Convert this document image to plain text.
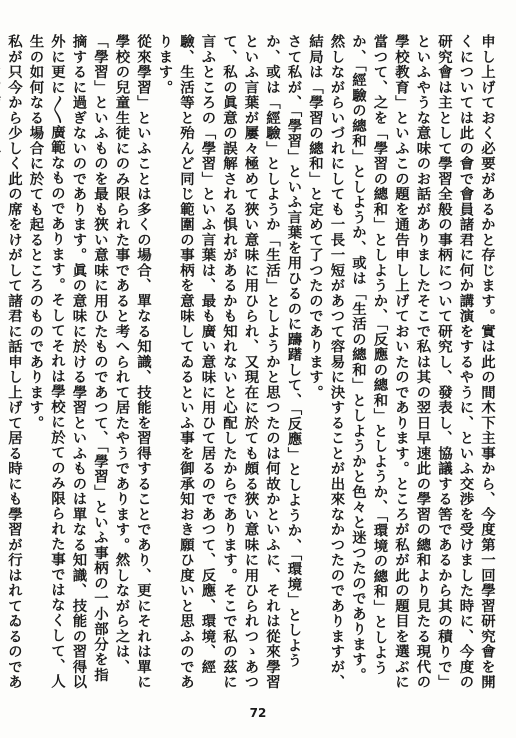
申し上げておく必要があるかと存じます。實は此の間木下主事から、今度第一回學習研究會を開くについては此の會で會員諸君に何か講演をするやうに、といふ交渉を受けました時に、今度の研究會は主として學習全般の事柄について研究し、發表し、協議する筈であるから其の積りで」といふやうな意味のお話がありましたそこで私は其の翌日早速此の學習の總和より見たる現代の學校教育」といふこの題を通告申し上げておいたのであります。ところが私が此の題目を選ぶに當つて、之を「學習の總和」としようか、「反應の總和」としようか、「環境の總和」としようか、「經驗の總和」としようか、或は「生活の總和」としようかと色々と迷つたのであります。然しながらいづれにしても一長一短があつて容易に決することが出來なかつたのでありますが、結局は「學習の總和」と定めて了つたのであります。

さて私が、「學習」といふ言葉を用ひるのに躊躇して、「反應」としようか、「環境」としようか、或は「經驗」としようか「生活」としようかと思つたのは何故かといふに、それは從來學習といふ言葉が屢々極めて狹い意味に用ひられ、又現在に於ても頗る狹い意味に用ひられつゝあつて、私の眞意の誤解される惧れがあるかも知れないと心配したからであります。そこで私の茲に言ふところの「學習」といふ言葉は、最も廣い意味に用ひて居るのであつて、反應、環境、經驗、生活等と殆んど同じ範圍の事柄を意味してゐるといふ事を御承知おき願ひ度いと思ふのであります。

從來學習」といふことは多くの場合、單なる知識、技能を習得することであり、更にそれは單に學校の兒童生徒にのみ限られた事であると考へられて居たやうであります。然しながら之は、「學習」といふものを最も狹い意味に用ひたものであつて、「學習」といふ事柄の一小部分を指摘するに過ぎないのであります。眞の意味に於ける學習といふものは單なる知識、技能の習得以外に更に〳〵廣範なものであります。そしてそれは學校に於てのみ限られた事ではなくして、人生の如何なる場合に於ても起るところのものであります。

私が只今から少しく此の席をけがして諸君に話申し上げて居る時にも學習が行はれてゐるのであ

72
